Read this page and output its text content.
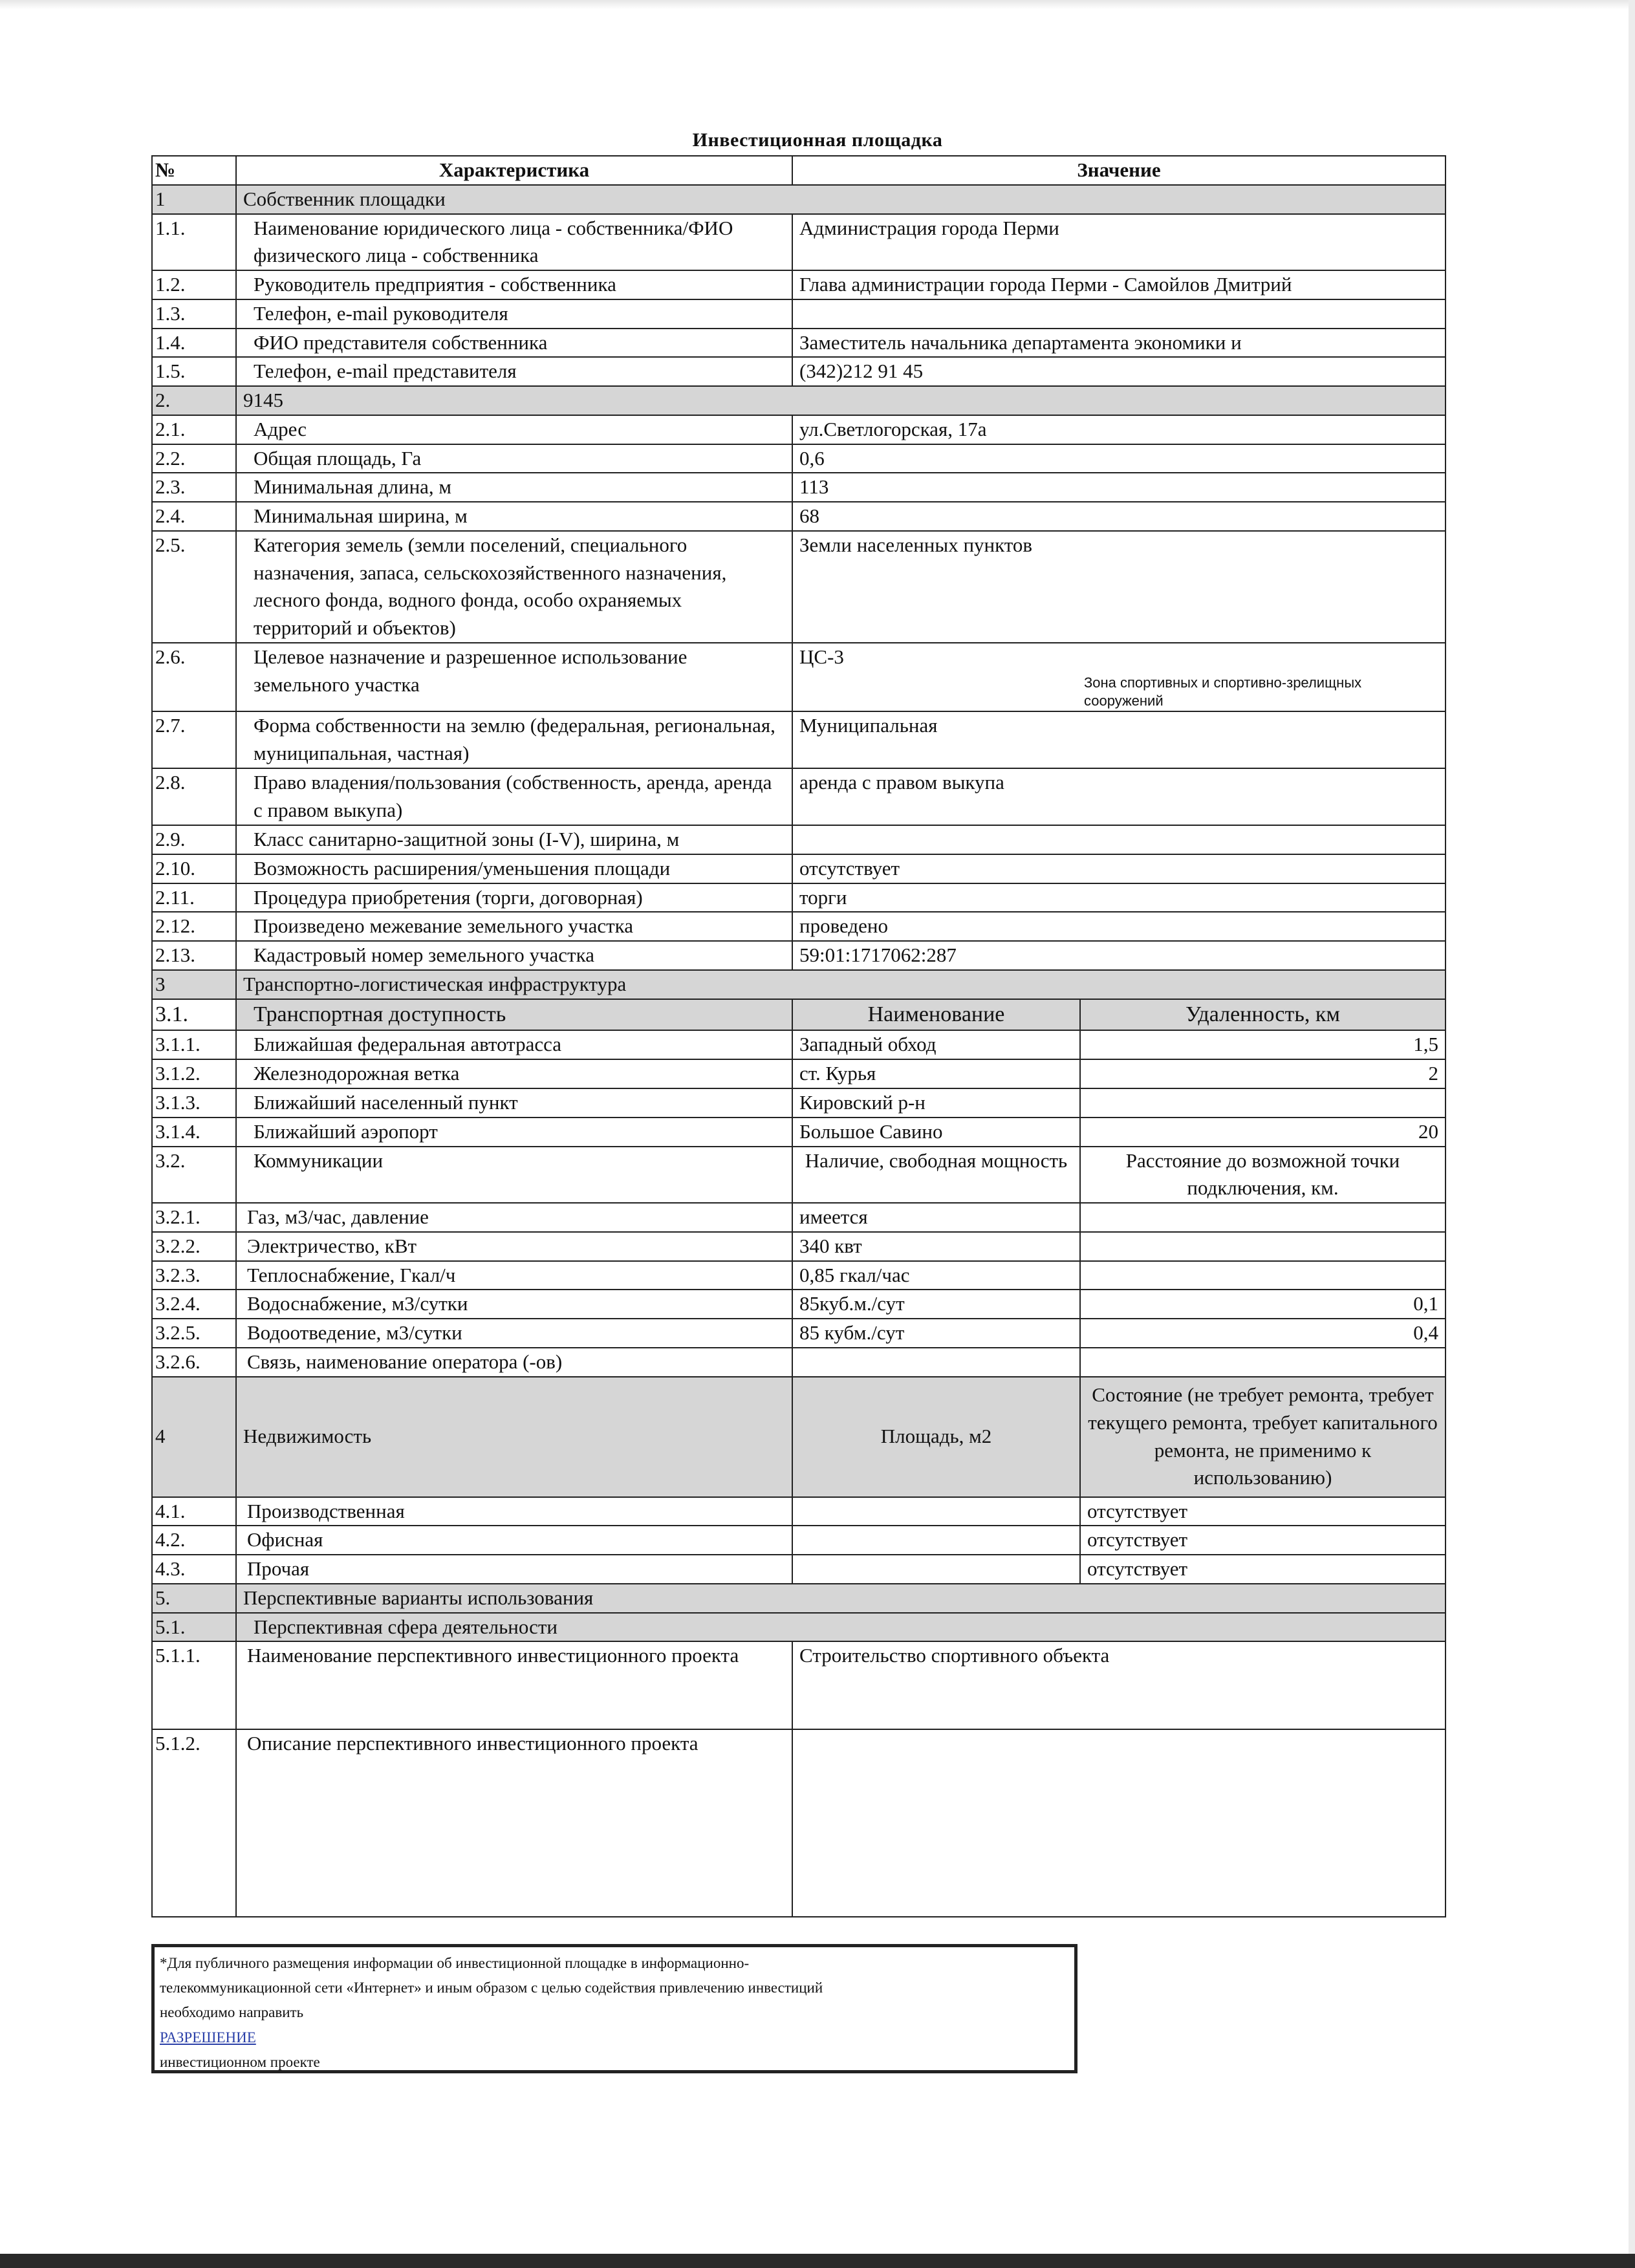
Инвестиционная площадка
№	Характеристика	Значение	
1	Собственник площадки		
1.1.	Наименование юридического лица - собственника/ФИО физического лица - собственника	Администрация города Перми	
1.2.	Руководитель предприятия - собственника	Глава администрации города Перми - Самойлов Дмитрий	
1.3.	Телефон, e-mail руководителя		
1.4.	ФИО представителя собственника	Заместитель начальника департамента экономики и	
1.5.	Телефон, e-mail представителя	(342)212 91 45	
2.	9145		
2.1.	Адрес	ул.Светлогорская, 17а	
2.2.	Общая площадь, Га	0,6	
2.3.	Минимальная длина, м	113	
2.4.	Минимальная ширина, м	68	
2.5.	Категория земель (земли поселений, специального назначения, запаса, сельскохозяйственного назначения, лесного фонда, водного фонда, особо охраняемых территорий и объектов)	Земли населенных пунктов	
2.6.	Целевое назначение и разрешенное использование земельного участка	ЦС-3
Зона спортивных и спортивно-зрелищных сооружений	

2.7.	Форма собственности на землю (федеральная, региональная, муниципальная, частная)	Муниципальная	
2.8.	Право владения/пользования (собственность, аренда, аренда с правом выкупа)	аренда с правом выкупа	
2.9.	Класс санитарно-защитной зоны (I-V), ширина, м		
2.10.	Возможность расширения/уменьшения площади	отсутствует	
2.11.	Процедура приобретения (торги, договорная)	торги	
2.12.	Произведено межевание земельного участка	проведено	
2.13.	Кадастровый номер земельного участка	59:01:1717062:287	
3	Транспортно-логистическая инфраструктура		
3.1.	Транспортная доступность	Наименование	Удаленность, км
3.1.1.	Ближайшая федеральная автотрасса	Западный обход	1,5
3.1.2.	Железнодорожная ветка	ст. Курья	2
3.1.3.	Ближайший населенный пункт	Кировский р-н	
3.1.4.	Ближайший аэропорт	Большое Савино	20
3.2.	Коммуникации	Наличие, свободная мощность	Расстояние до возможной точки подключения, км.
3.2.1.	Газ, м3/час, давление	имеется	
3.2.2.	Электричество, кВт	340 квт	
3.2.3.	Теплоснабжение, Гкал/ч	0,85 гкал/час	
3.2.4.	Водоснабжение, м3/сутки	85куб.м./сут	0,1
3.2.5.	Водоотведение, м3/сутки	85 кубм./сут	0,4
3.2.6.	Связь, наименование оператора (-ов)		
4	Недвижимость	Площадь, м2	Состояние (не требует ремонта, требует текущего ремонта, требует капитального ремонта, не применимо к использованию)
4.1.	Производственная		отсутствует
4.2.	Офисная		отсутствует
4.3.	Прочая		отсутствует
5.	Перспективные варианты использования		
5.1.	Перспективная сфера деятельности		
5.1.1.	Наименование перспективного инвестиционного проекта	Строительство спортивного объекта	
5.1.2.	Описание перспективного инвестиционного проекта		
*Для публичного размещения информации об инвестиционной площадке в информационно-
телекоммуникационной сети «Интернет» и иным образом с целью содействия привлечению инвестиций
необходимо направить
РАЗРЕШЕНИЕ
инвестиционном проекте
